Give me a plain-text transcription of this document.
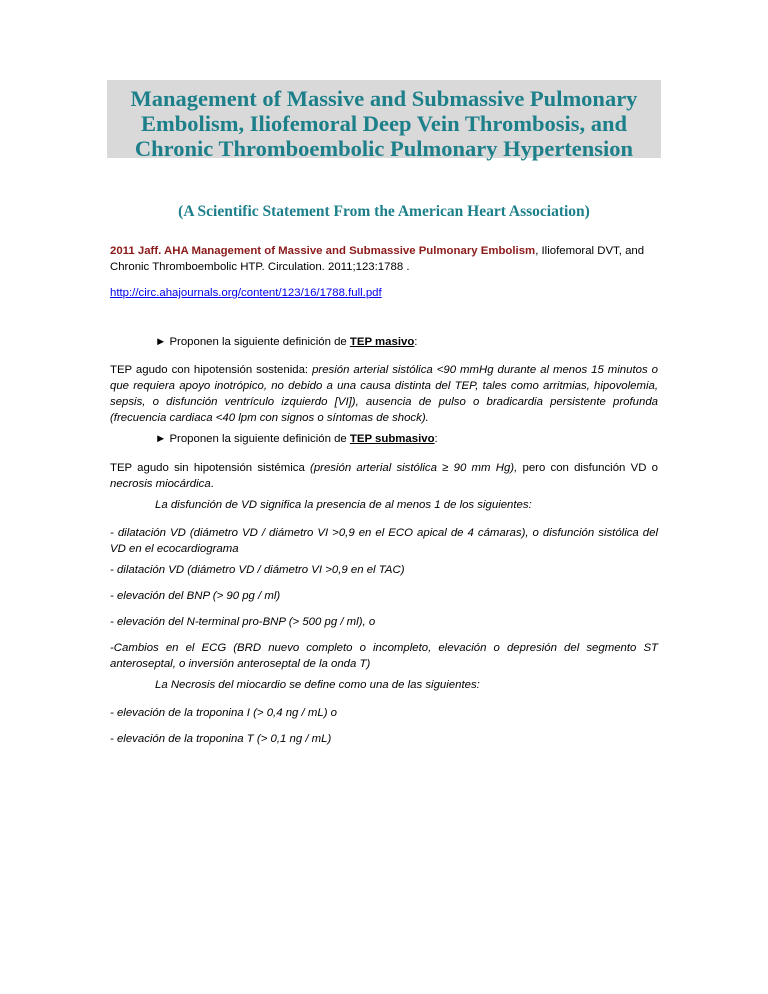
Management of Massive and Submassive Pulmonary
Embolism, Iliofemoral Deep Vein Thrombosis, and
Chronic Thromboembolic Pulmonary Hypertension
(A Scientific Statement From the American Heart Association)
2011 Jaff. AHA Management of Massive and Submassive Pulmonary Embolism, Iliofemoral DVT, and
Chronic Thromboembolic HTP. Circulation. 2011;123:1788 .
http://circ.ahajournals.org/content/123/16/1788.full.pdf
► Proponen la siguiente definición de TEP masivo:
TEP agudo con hipotensión sostenida: presión arterial sistólica <90 mmHg durante al menos 15 minutos o que requiera apoyo inotrópico, no debido a una causa distinta del TEP, tales como arritmias, hipovolemia, sepsis, o disfunción ventrículo izquierdo [VI]), ausencia de pulso o bradicardia persistente profunda (frecuencia cardiaca <40 lpm con signos o síntomas de shock).
► Proponen la siguiente definición de TEP submasivo:
TEP agudo sin hipotensión sistémica (presión arterial sistólica ≥ 90 mm Hg), pero con disfunción VD o necrosis miocárdica.
La disfunción de VD significa la presencia de al menos 1 de los siguientes:
- dilatación VD (diámetro VD / diámetro VI >0,9 en el ECO apical de 4 cámaras), o disfunción sistólica del VD en el ecocardiograma
- dilatación VD (diámetro VD / diámetro VI >0,9 en el TAC)
- elevación del BNP (> 90 pg / ml)
- elevación del N-terminal pro-BNP (> 500 pg / ml), o
-Cambios en el ECG (BRD nuevo completo o incompleto, elevación o depresión del segmento ST anteroseptal, o inversión anteroseptal de la onda T)
La Necrosis del miocardio se define como una de las siguientes:
- elevación de la troponina I (> 0,4 ng / mL) o
- elevación de la troponina T (> 0,1 ng / mL)
